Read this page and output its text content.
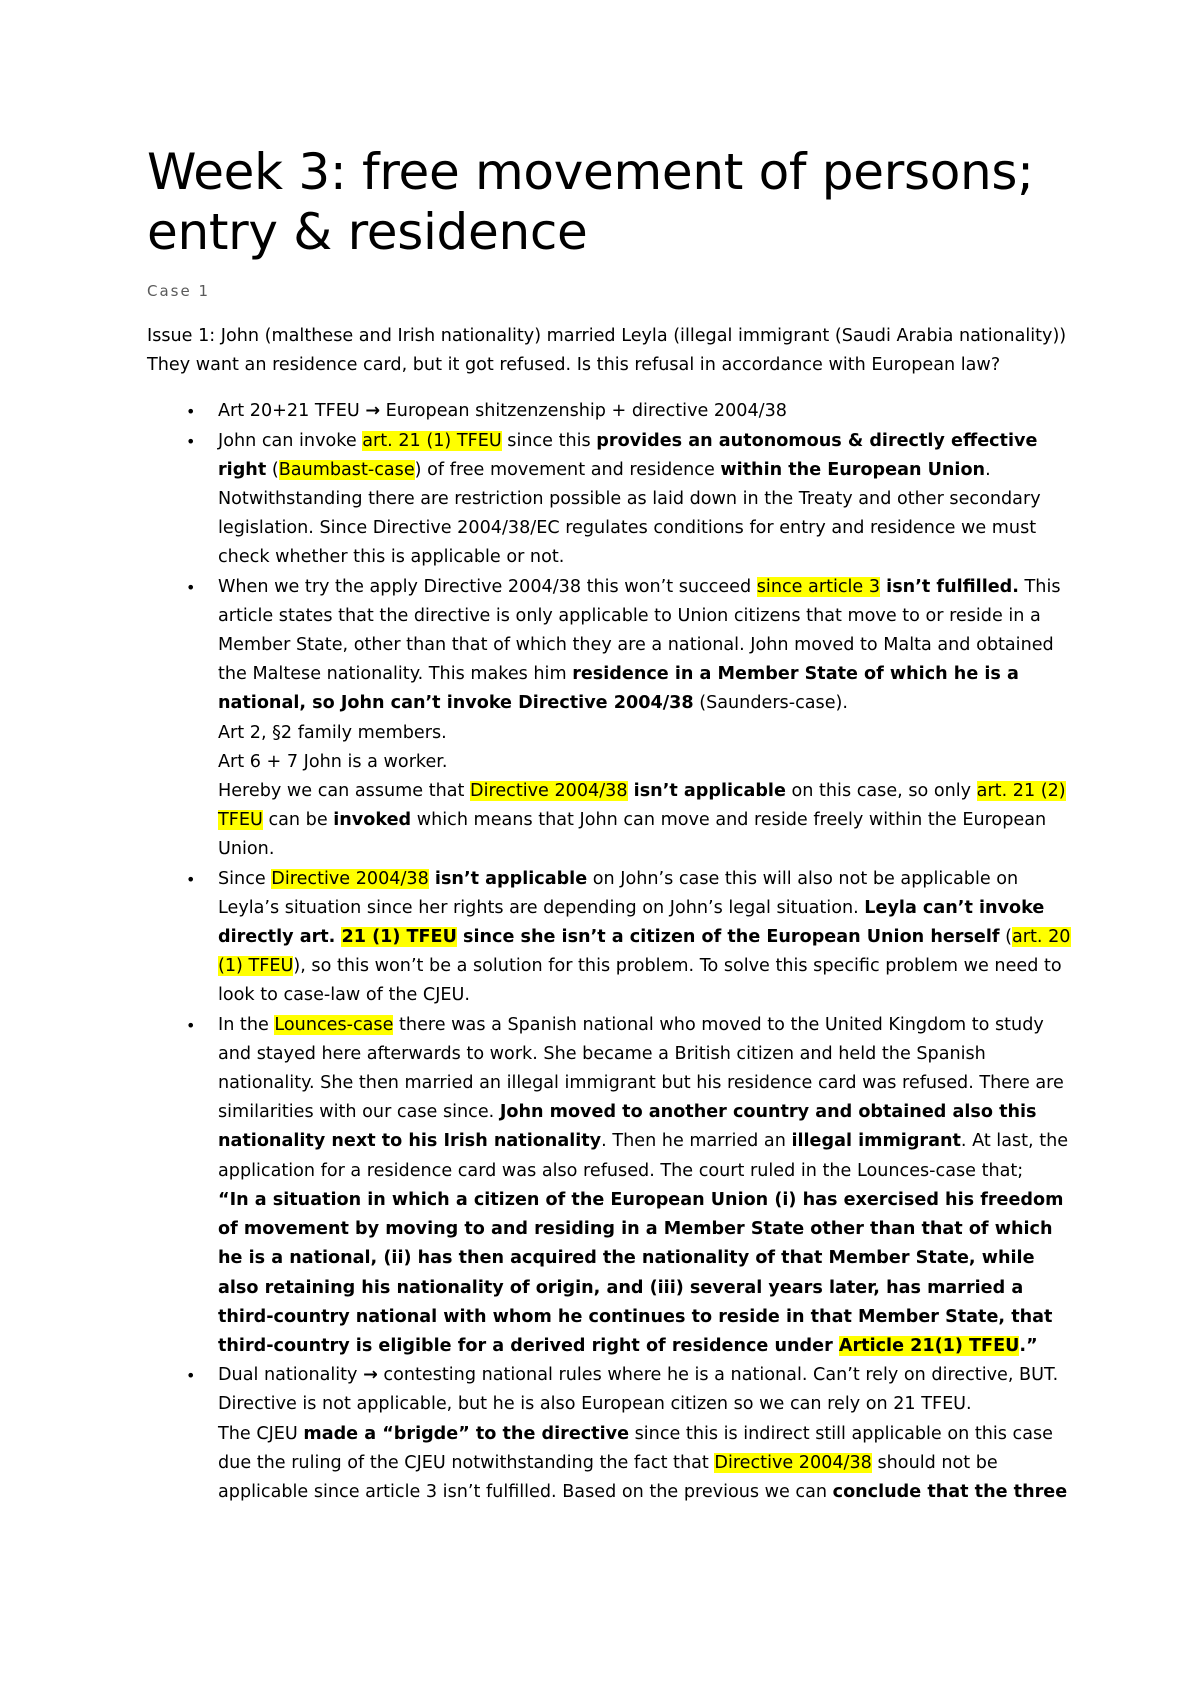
Week 3: free movement of persons; entry & residence

Case 1

Issue 1: John (malthese and Irish nationality) married Leyla (illegal immigrant (Saudi Arabia nationality)) They want an residence card, but it got refused. Is this refusal in accordance with European law?

• Art 20+21 TFEU → European shitzenzenship + directive 2004/38
• John can invoke art. 21 (1) TFEU since this provides an autonomous & directly effective right (Baumbast-case) of free movement and residence within the European Union. Notwithstanding there are restriction possible as laid down in the Treaty and other secondary legislation. Since Directive 2004/38/EC regulates conditions for entry and residence we must check whether this is applicable or not.
• When we try the apply Directive 2004/38 this won’t succeed since article 3 isn’t fulfilled. This article states that the directive is only applicable to Union citizens that move to or reside in a Member State, other than that of which they are a national. John moved to Malta and obtained the Maltese nationality. This makes him residence in a Member State of which he is a national, so John can’t invoke Directive 2004/38 (Saunders-case).
Art 2, §2 family members.
Art 6 + 7 John is a worker.
Hereby we can assume that Directive 2004/38 isn’t applicable on this case, so only art. 21 (2) TFEU can be invoked which means that John can move and reside freely within the European Union.
• Since Directive 2004/38 isn’t applicable on John’s case this will also not be applicable on Leyla’s situation since her rights are depending on John’s legal situation. Leyla can’t invoke directly art. 21 (1) TFEU since she isn’t a citizen of the European Union herself (art. 20 (1) TFEU), so this won’t be a solution for this problem. To solve this specific problem we need to look to case-law of the CJEU.
• In the Lounces-case there was a Spanish national who moved to the United Kingdom to study and stayed here afterwards to work. She became a British citizen and held the Spanish nationality. She then married an illegal immigrant but his residence card was refused. There are similarities with our case since. John moved to another country and obtained also this nationality next to his Irish nationality. Then he married an illegal immigrant. At last, the application for a residence card was also refused. The court ruled in the Lounces-case that;
“In a situation in which a citizen of the European Union (i) has exercised his freedom of movement by moving to and residing in a Member State other than that of which he is a national, (ii) has then acquired the nationality of that Member State, while also retaining his nationality of origin, and (iii) several years later, has married a third-country national with whom he continues to reside in that Member State, that third-country is eligible for a derived right of residence under Article 21(1) TFEU.”
• Dual nationality → contesting national rules where he is a national. Can’t rely on directive, BUT. Directive is not applicable, but he is also European citizen so we can rely on 21 TFEU.
The CJEU made a “brigde” to the directive since this is indirect still applicable on this case due the ruling of the CJEU notwithstanding the fact that Directive 2004/38 should not be applicable since article 3 isn’t fulfilled. Based on the previous we can conclude that the three
